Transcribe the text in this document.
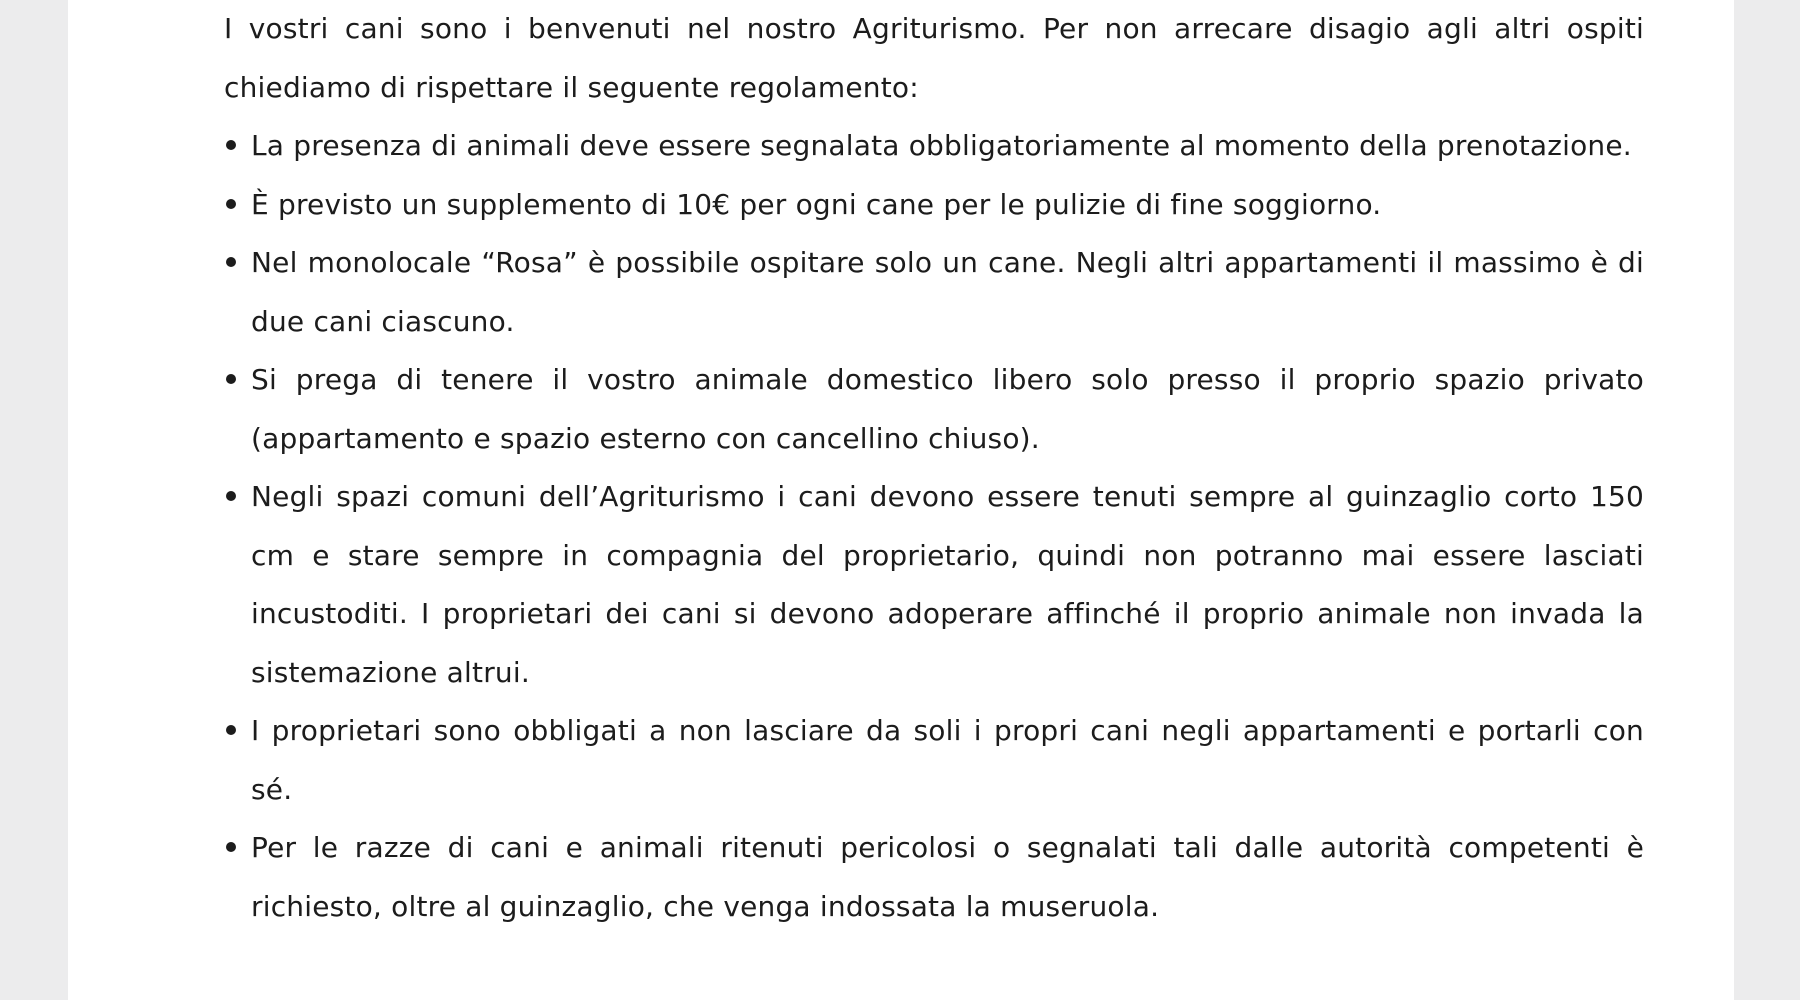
I vostri cani sono i benvenuti nel nostro Agriturismo. Per non arrecare disagio agli altri ospiti chiediamo di rispettare il seguente regolamento:

La presenza di animali deve essere segnalata obbligatoriamente al momento della prenotazione.
È previsto un supplemento di 10€ per ogni cane per le pulizie di fine soggiorno.
Nel monolocale “Rosa” è possibile ospitare solo un cane. Negli altri appartamenti il massimo è di due cani ciascuno.
Si prega di tenere il vostro animale domestico libero solo presso il proprio spazio privato (appartamento e spazio esterno con cancellino chiuso).
Negli spazi comuni dell’Agriturismo i cani devono essere tenuti sempre al guinzaglio corto 150 cm e stare sempre in compagnia del proprietario, quindi non potranno mai essere lasciati incustoditi. I proprietari dei cani si devono adoperare affinché il proprio animale non invada la sistemazione altrui.
I proprietari sono obbligati a non lasciare da soli i propri cani negli appartamenti e portarli con sé.
Per le razze di cani e animali ritenuti pericolosi o segnalati tali dalle autorità competenti è richiesto, oltre al guinzaglio, che venga indossata la museruola.
